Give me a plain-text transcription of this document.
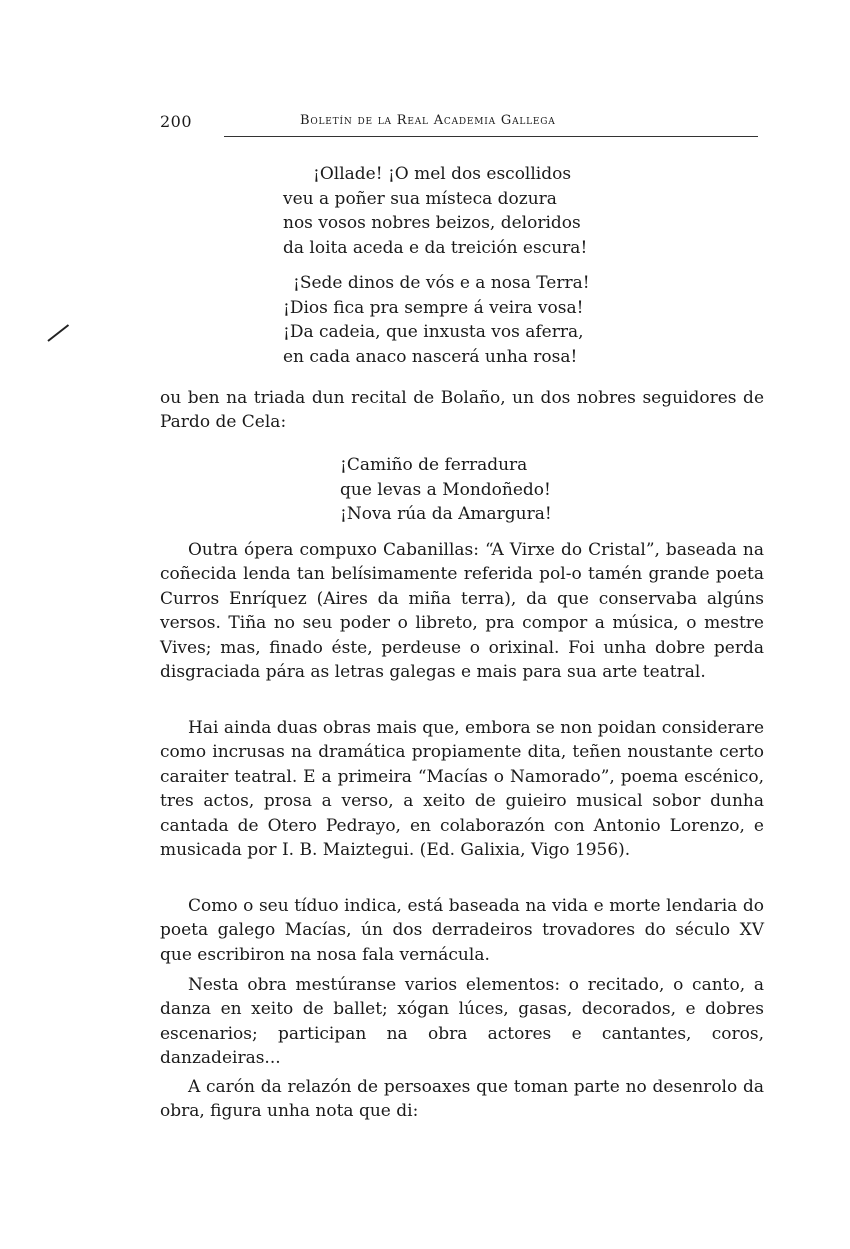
200	Boletín de la Real Academia Gallega
¡Ollade! ¡O mel dos escollidos
veu a poñer sua místeca dozura
nos vosos nobres beizos, deloridos
da loita aceda e da treición escura!
¡Sede dinos de vós e a nosa Terra!
¡Dios fica pra sempre á veira vosa!
¡Da cadeia, que inxusta vos aferra,
en cada anaco nascerá unha rosa!

ou ben na triada dun recital de Bolaño, un dos nobres seguidores de Pardo de Cela:

¡Camiño de ferradura
que levas a Mondoñedo!
¡Nova rúa da Amargura!

Outra ópera compuxo Cabanillas: “A Virxe do Cristal”, baseada na coñecida lenda tan belísimamente referida pol-o tamén grande poeta Curros Enríquez (Aires da miña terra), da que conservaba algúns versos. Tiña no seu poder o libreto, pra compor a música, o mestre Vives; mas, finado éste, perdeuse o orixinal. Foi unha dobre perda disgraciada pára as letras galegas e mais para sua arte teatral.

Hai ainda duas obras mais que, embora se non poidan considerare como incrusas na dramática propiamente dita, teñen noustante certo caraiter teatral. E a primeira “Macías o Namorado”, poema escénico, tres actos, prosa a verso, a xeito de guieiro musical sobor dunha cantada de Otero Pedrayo, en colaborazón con Antonio Lorenzo, e musicada por I. B. Maiztegui. (Ed. Galixia, Vigo 1956).

Como o seu tíduo indica, está baseada na vida e morte lendaria do poeta galego Macías, ún dos derradeiros trovadores do século XV que escribiron na nosa fala vernácula.

Nesta obra mestúranse varios elementos: o recitado, o canto, a danza en xeito de ballet; xógan lúces, gasas, decorados, e dobres escenarios; participan na obra actores e cantantes, coros, danzadeiras...

A carón da relazón de persoaxes que toman parte no desenrolo da obra, figura unha nota que di:
